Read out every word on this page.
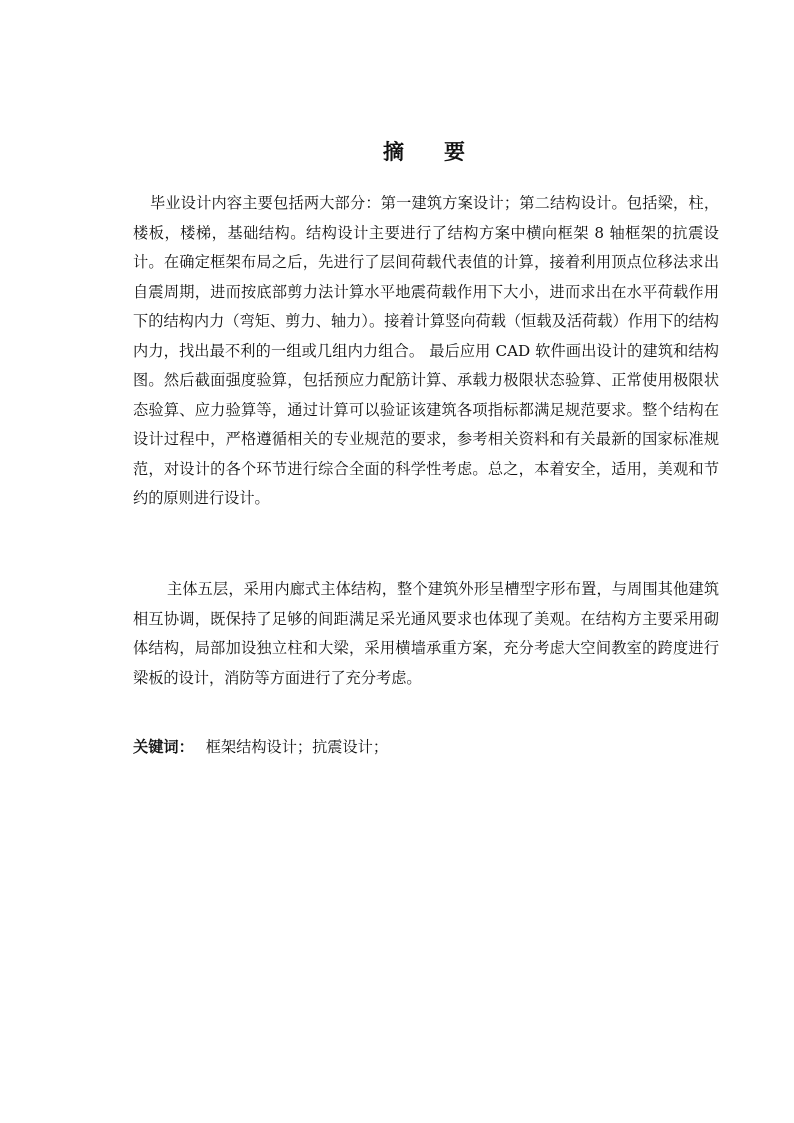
摘 要
毕业设计内容主要包括两大部分：第一建筑方案设计；第二结构设计。包括梁，柱，楼板，楼梯，基础结构。结构设计主要进行了结构方案中横向框架 8 轴框架的抗震设计。在确定框架布局之后，先进行了层间荷载代表值的计算，接着利用顶点位移法求出自震周期，进而按底部剪力法计算水平地震荷载作用下大小，进而求出在水平荷载作用下的结构内力（弯矩、剪力、轴力）。接着计算竖向荷载（恒载及活荷载）作用下的结构内力，找出最不利的一组或几组内力组合。 最后应用 CAD 软件画出设计的建筑和结构图。然后截面强度验算，包括预应力配筋计算、承载力极限状态验算、正常使用极限状态验算、应力验算等，通过计算可以验证该建筑各项指标都满足规范要求。整个结构在设计过程中，严格遵循相关的专业规范的要求，参考相关资料和有关最新的国家标准规范，对设计的各个环节进行综合全面的科学性考虑。总之，本着安全，适用，美观和节约的原则进行设计。
主体五层，采用内廊式主体结构，整个建筑外形呈槽型字形布置，与周围其他建筑相互协调，既保持了足够的间距满足采光通风要求也体现了美观。在结构方主要采用砌体结构，局部加设独立柱和大梁，采用横墙承重方案，充分考虑大空间教室的跨度进行梁板的设计，消防等方面进行了充分考虑。
关键词： 框架结构设计；抗震设计；
